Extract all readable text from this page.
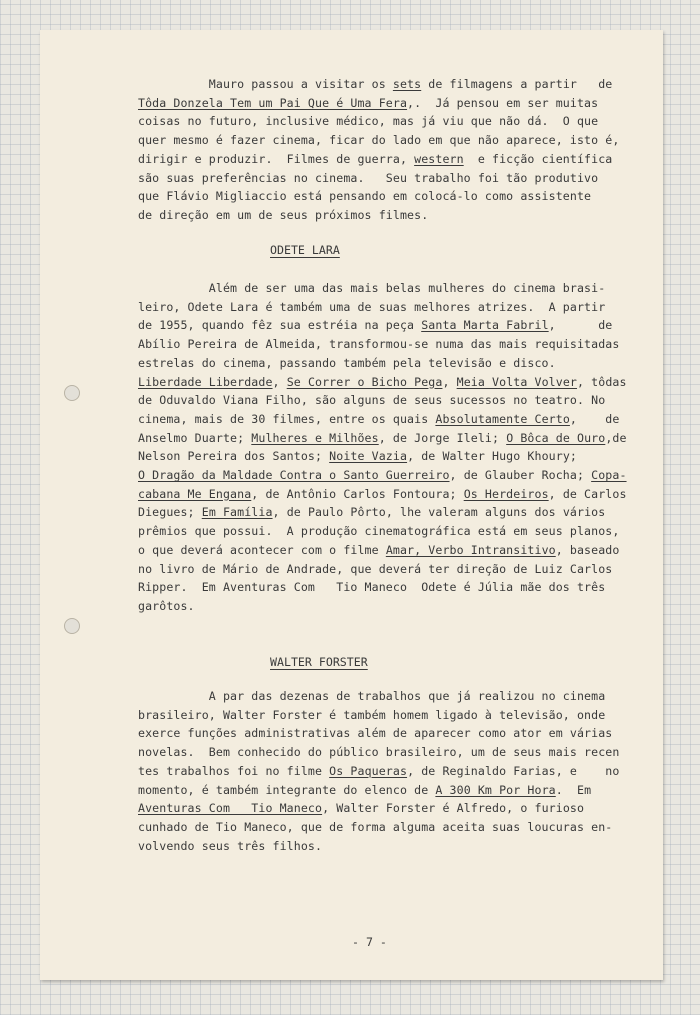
Mauro passou a visitar os sets de filmagens a partir   de
Tôda Donzela Tem um Pai Que é Uma Fera,.  Já pensou em ser muitas
coisas no futuro, inclusive médico, mas já viu que não dá.  O que
quer mesmo é fazer cinema, ficar do lado em que não aparece, isto é,
dirigir e produzir.  Filmes de guerra, western  e ficção científica
são suas preferências no cinema.   Seu trabalho foi tão produtivo
que Flávio Migliaccio está pensando em colocá-lo como assistente
de direção em um de seus próximos filmes.
ODETE LARA
Além de ser uma das mais belas mulheres do cinema brasi-
leiro, Odete Lara é também uma de suas melhores atrizes.  A partir
de 1955, quando fêz sua estréia na peça Santa Marta Fabril,      de
Abílio Pereira de Almeida, transformou-se numa das mais requisitadas
estrelas do cinema, passando também pela televisão e disco.
Liberdade Liberdade, Se Correr o Bicho Pega, Meia Volta Volver, tôdas
de Oduvaldo Viana Filho, são alguns de seus sucessos no teatro. No
cinema, mais de 30 filmes, entre os quais Absolutamente Certo,    de
Anselmo Duarte; Mulheres e Milhões, de Jorge Ileli; O Bôca de Ouro,de
Nelson Pereira dos Santos; Noite Vazia, de Walter Hugo Khoury;
O Dragão da Maldade Contra o Santo Guerreiro, de Glauber Rocha; Copa-
cabana Me Engana, de Antônio Carlos Fontoura; Os Herdeiros, de Carlos
Diegues; Em Família, de Paulo Pôrto, lhe valeram alguns dos vários
prêmios que possui.  A produção cinematográfica está em seus planos,
o que deverá acontecer com o filme Amar, Verbo Intransitivo, baseado
no livro de Mário de Andrade, que deverá ter direção de Luiz Carlos
Ripper.  Em Aventuras Com   Tio Maneco  Odete é Júlia mãe dos três
garôtos.
WALTER FORSTER
A par das dezenas de trabalhos que já realizou no cinema
brasileiro, Walter Forster é também homem ligado à televisão, onde
exerce funções administrativas além de aparecer como ator em várias
novelas.  Bem conhecido do público brasileiro, um de seus mais recen
tes trabalhos foi no filme Os Paqueras, de Reginaldo Farias, e    no
momento, é também integrante do elenco de A 300 Km Por Hora.  Em
Aventuras Com   Tio Maneco, Walter Forster é Alfredo, o furioso
cunhado de Tio Maneco, que de forma alguma aceita suas loucuras en-
volvendo seus três filhos.
- 7 -
